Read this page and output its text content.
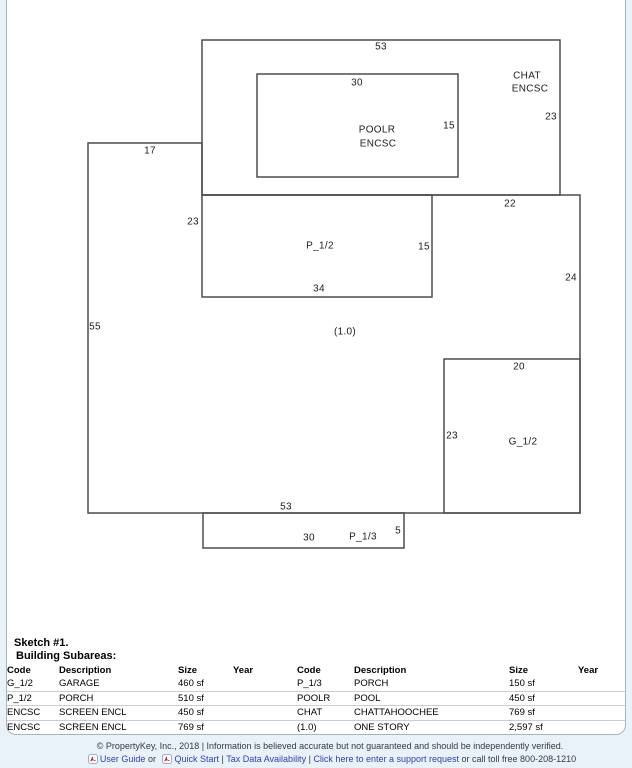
53
30
POOLR
ENCSC
15
CHAT
ENCSC
23
17
23
P_1/2	15
34
22
24
55	(1.0)
20
23
G_1/2
53
30	P_1/3
5
Sketch #1.
Building Subareas:
Code	Description	Size	Year	Code	Description	Size	Year
G_1/2	GARAGE	460 sf		P_1/3	PORCH	150 sf	
P_1/2	PORCH	510 sf		POOLR	POOL	450 sf	
ENCSC	SCREEN ENCL	450 sf		CHAT	CHATTAHOOCHEE	769 sf	
ENCSC	SCREEN ENCL	769 sf		(1.0)	ONE STORY	2,597 sf	
© PropertyKey, Inc., 2018 | Information is believed accurate but not guaranteed and should be independently verified.
User Guide or Quick Start | Tax Data Availability | Click here to enter a support request or call toll free 800-208-1210
